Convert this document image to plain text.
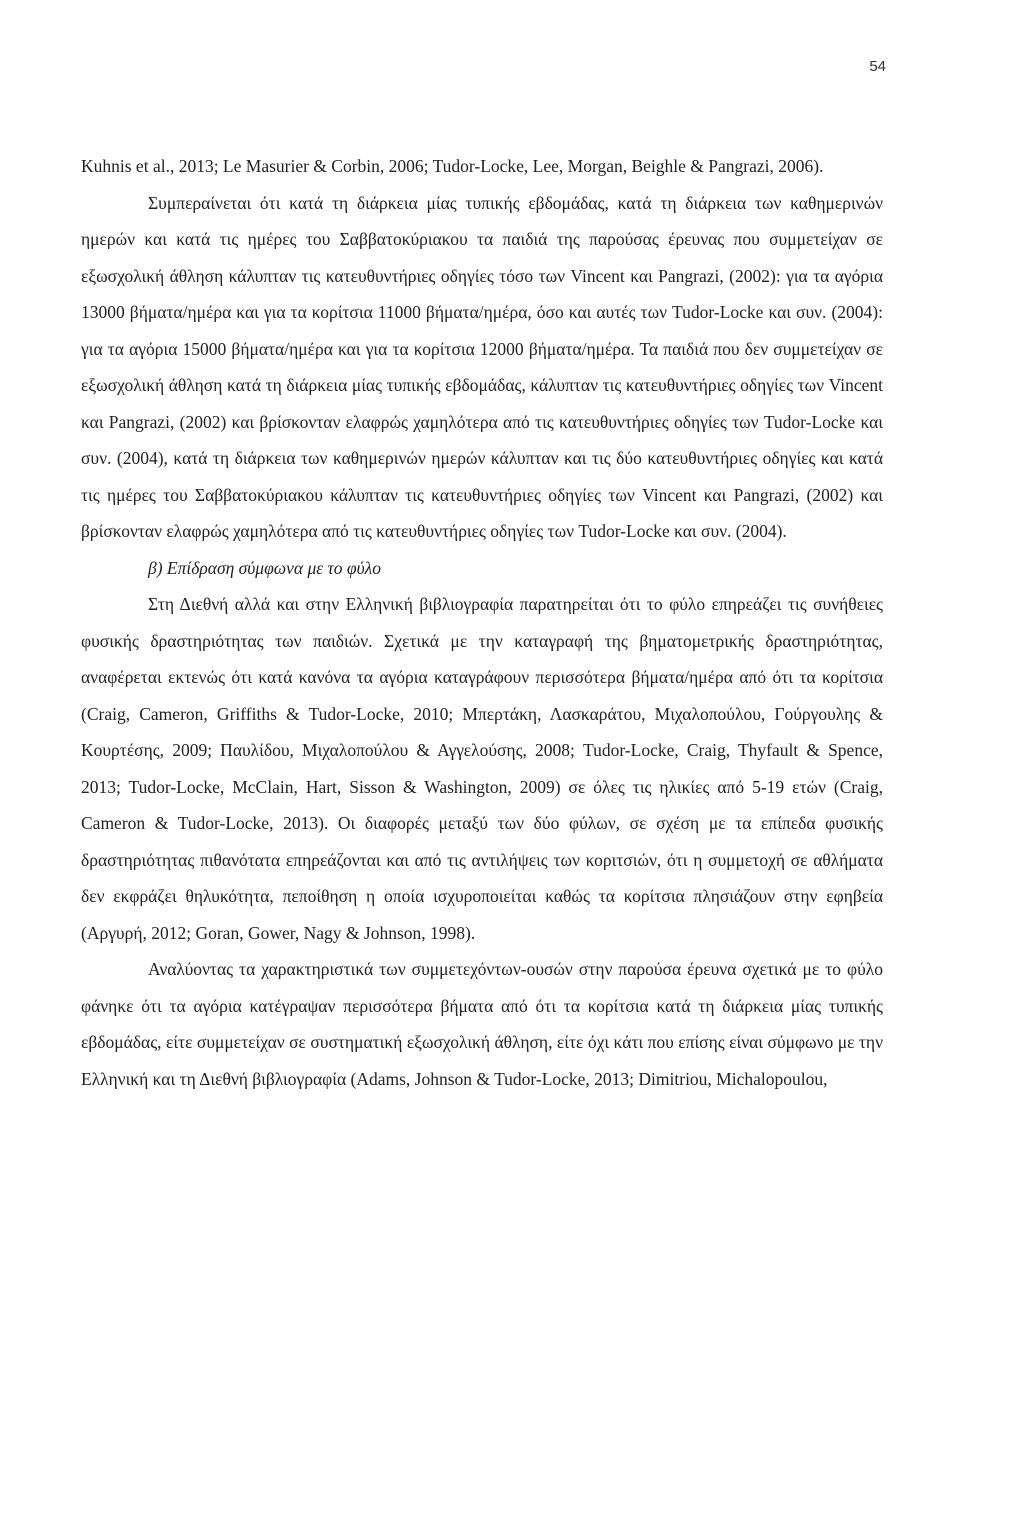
54

Kuhnis et al., 2013; Le Masurier & Corbin, 2006; Tudor-Locke, Lee, Morgan, Beighle & Pangrazi, 2006).

Συμπεραίνεται ότι κατά τη διάρκεια μίας τυπικής εβδομάδας, κατά τη διάρκεια των καθημερινών ημερών και κατά τις ημέρες του Σαββατοκύριακου τα παιδιά της παρούσας έρευνας που συμμετείχαν σε εξωσχολική άθληση κάλυπταν τις κατευθυντήριες οδηγίες τόσο των Vincent και Pangrazi, (2002): για τα αγόρια 13000 βήματα/ημέρα και για τα κορίτσια 11000 βήματα/ημέρα, όσο και αυτές των Tudor-Locke και συν. (2004): για τα αγόρια 15000 βήματα/ημέρα και για τα κορίτσια 12000 βήματα/ημέρα. Τα παιδιά που δεν συμμετείχαν σε εξωσχολική άθληση κατά τη διάρκεια μίας τυπικής εβδομάδας, κάλυπταν τις κατευθυντήριες οδηγίες των Vincent και Pangrazi, (2002) και βρίσκονταν ελαφρώς χαμηλότερα από τις κατευθυντήριες οδηγίες των Tudor-Locke και συν. (2004), κατά τη διάρκεια των καθημερινών ημερών κάλυπταν και τις δύο κατευθυντήριες οδηγίες και κατά τις ημέρες του Σαββατοκύριακου κάλυπταν τις κατευθυντήριες οδηγίες των Vincent και Pangrazi, (2002) και βρίσκονταν ελαφρώς χαμηλότερα από τις κατευθυντήριες οδηγίες των Tudor-Locke και συν. (2004).

β) Επίδραση σύμφωνα με το φύλο

Στη Διεθνή αλλά και στην Ελληνική βιβλιογραφία παρατηρείται ότι το φύλο επηρεάζει τις συνήθειες φυσικής δραστηριότητας των παιδιών. Σχετικά με την καταγραφή της βηματομετρικής δραστηριότητας, αναφέρεται εκτενώς ότι κατά κανόνα τα αγόρια καταγράφουν περισσότερα βήματα/ημέρα από ότι τα κορίτσια (Craig, Cameron, Griffiths & Tudor-Locke, 2010; Μπερτάκη, Λασκαράτου, Μιχαλοπούλου, Γούργουλης & Κουρτέσης, 2009; Παυλίδου, Μιχαλοπούλου & Αγγελούσης, 2008; Tudor-Locke, Craig, Thyfault & Spence, 2013; Tudor-Locke, McClain, Hart, Sisson & Washington, 2009) σε όλες τις ηλικίες από 5-19 ετών (Craig, Cameron & Tudor-Locke, 2013). Οι διαφορές μεταξύ των δύο φύλων, σε σχέση με τα επίπεδα φυσικής δραστηριότητας πιθανότατα επηρεάζονται και από τις αντιλήψεις των κοριτσιών, ότι η συμμετοχή σε αθλήματα δεν εκφράζει θηλυκότητα, πεποίθηση η οποία ισχυροποιείται καθώς τα κορίτσια πλησιάζουν στην εφηβεία (Αργυρή, 2012; Goran, Gower, Nagy & Johnson, 1998).

Αναλύοντας τα χαρακτηριστικά των συμμετεχόντων-ουσών στην παρούσα έρευνα σχετικά με το φύλο φάνηκε ότι τα αγόρια κατέγραψαν περισσότερα βήματα από ότι τα κορίτσια κατά τη διάρκεια μίας τυπικής εβδομάδας, είτε συμμετείχαν σε συστηματική εξωσχολική άθληση, είτε όχι κάτι που επίσης είναι σύμφωνο με την Ελληνική και τη Διεθνή βιβλιογραφία (Adams, Johnson & Tudor-Locke, 2013; Dimitriou, Michalopoulou,
